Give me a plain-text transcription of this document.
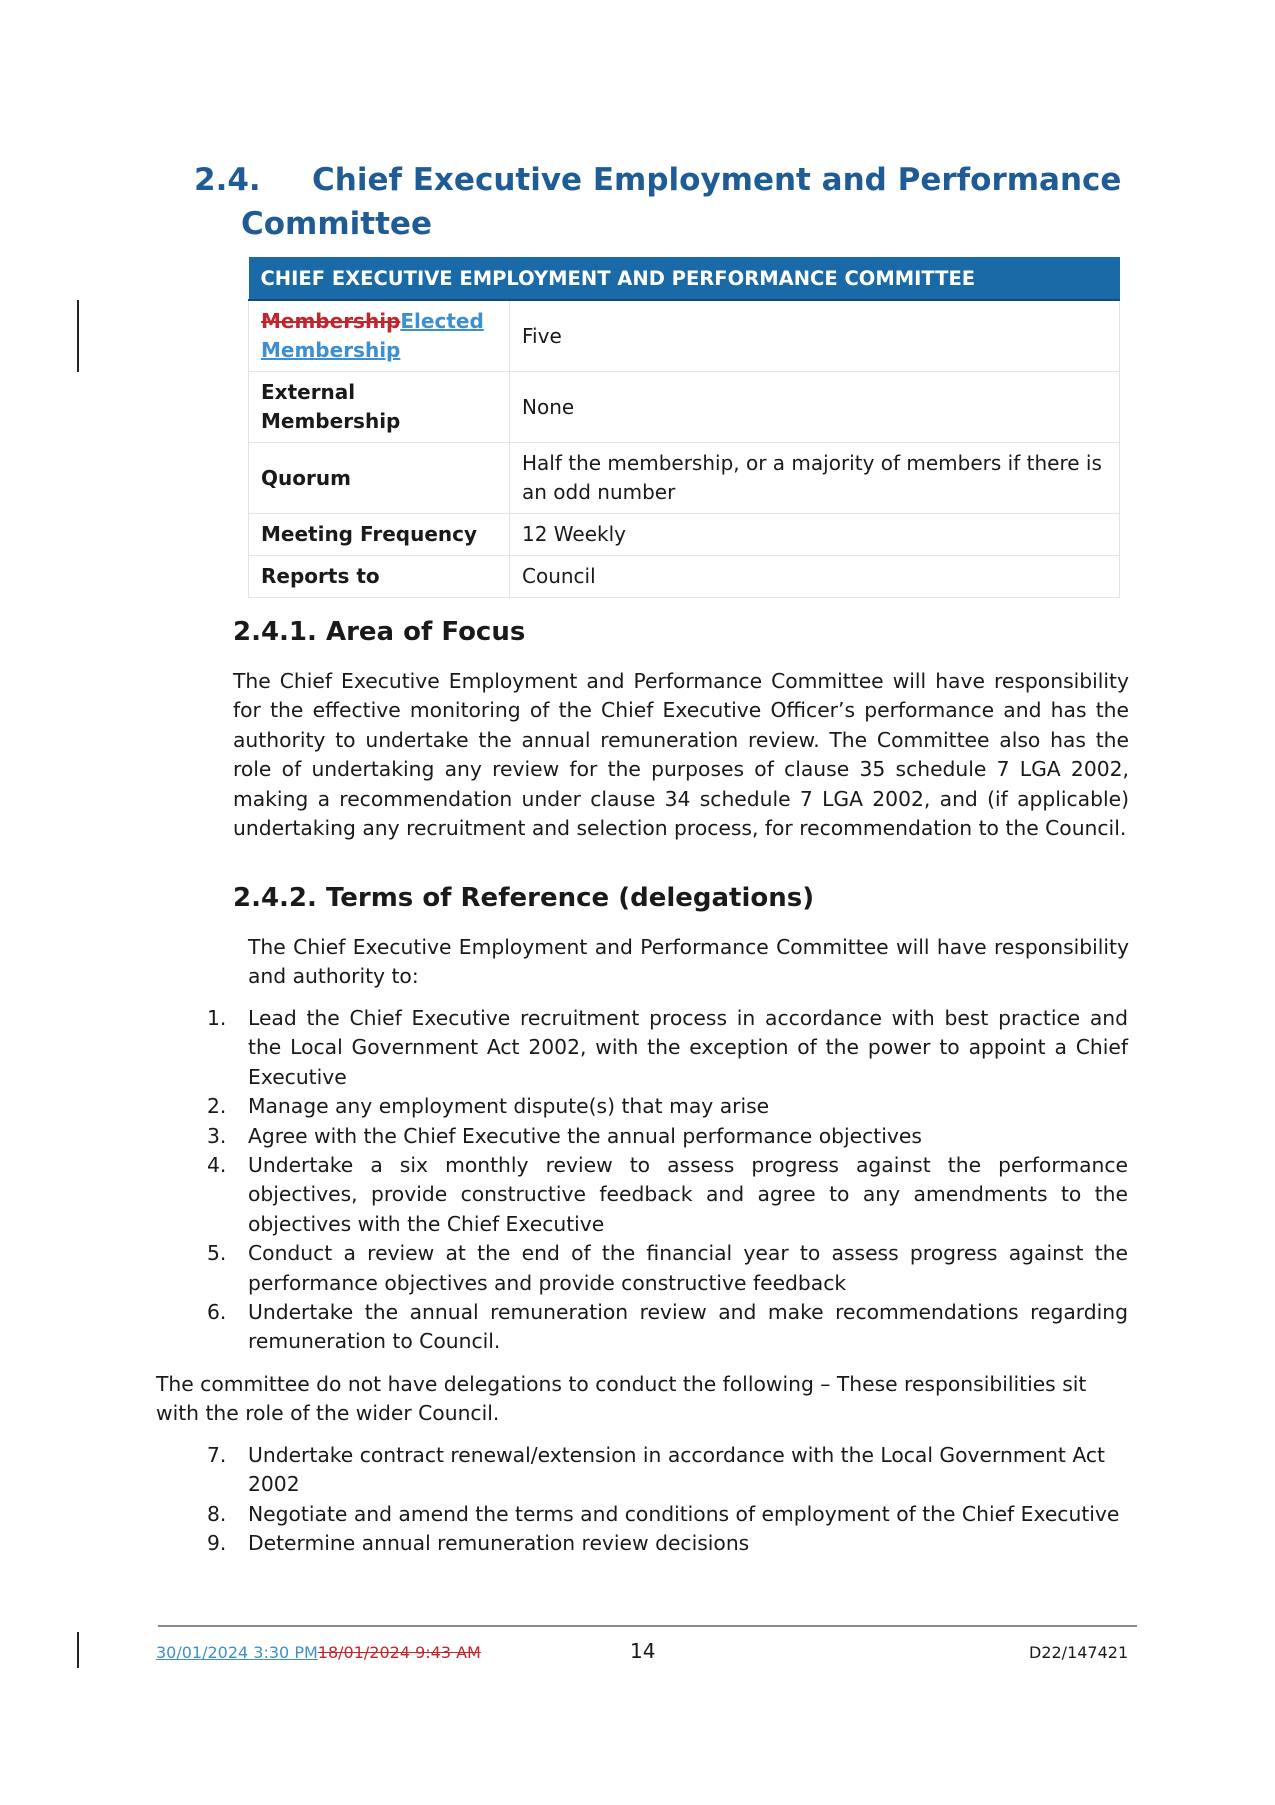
2.4. Chief Executive Employment and Performance
Committee
CHIEF EXECUTIVE EMPLOYMENT AND PERFORMANCE COMMITTEE	
MembershipElected
Membership	Five
External Membership	None
Quorum	Half the membership, or a majority of members if there is an odd number
Meeting Frequency	12 Weekly
Reports to	Council
2.4.1. Area of Focus

The Chief Executive Employment and Performance Committee will have responsibility for the effective monitoring of the Chief Executive Officer’s performance and has the authority to undertake the annual remuneration review. The Committee also has the role of undertaking any review for the purposes of clause 35 schedule 7 LGA 2002, making a recommendation under clause 34 schedule 7 LGA 2002, and (if applicable) undertaking any recruitment and selection process, for recommendation to the Council.

2.4.2. Terms of Reference (delegations)

The Chief Executive Employment and Performance Committee will have responsibility and authority to:

1. Lead the Chief Executive recruitment process in accordance with best practice and the Local Government Act 2002, with the exception of the power to appoint a Chief Executive
2. Manage any employment dispute(s) that may arise
3. Agree with the Chief Executive the annual performance objectives
4. Undertake a six monthly review to assess progress against the performance objectives, provide constructive feedback and agree to any amendments to the objectives with the Chief Executive
5. Conduct a review at the end of the financial year to assess progress against the performance objectives and provide constructive feedback
6. Undertake the annual remuneration review and make recommendations regarding remuneration to Council.

The committee do not have delegations to conduct the following – These responsibilities sit with the role of the wider Council.

7. Undertake contract renewal/extension in accordance with the Local Government Act 2002
8. Negotiate and amend the terms and conditions of employment of the Chief Executive
9. Determine annual remuneration review decisions
30/01/2024 3:30 PM18/01/2024 9:43 AM	14	D22/147421
